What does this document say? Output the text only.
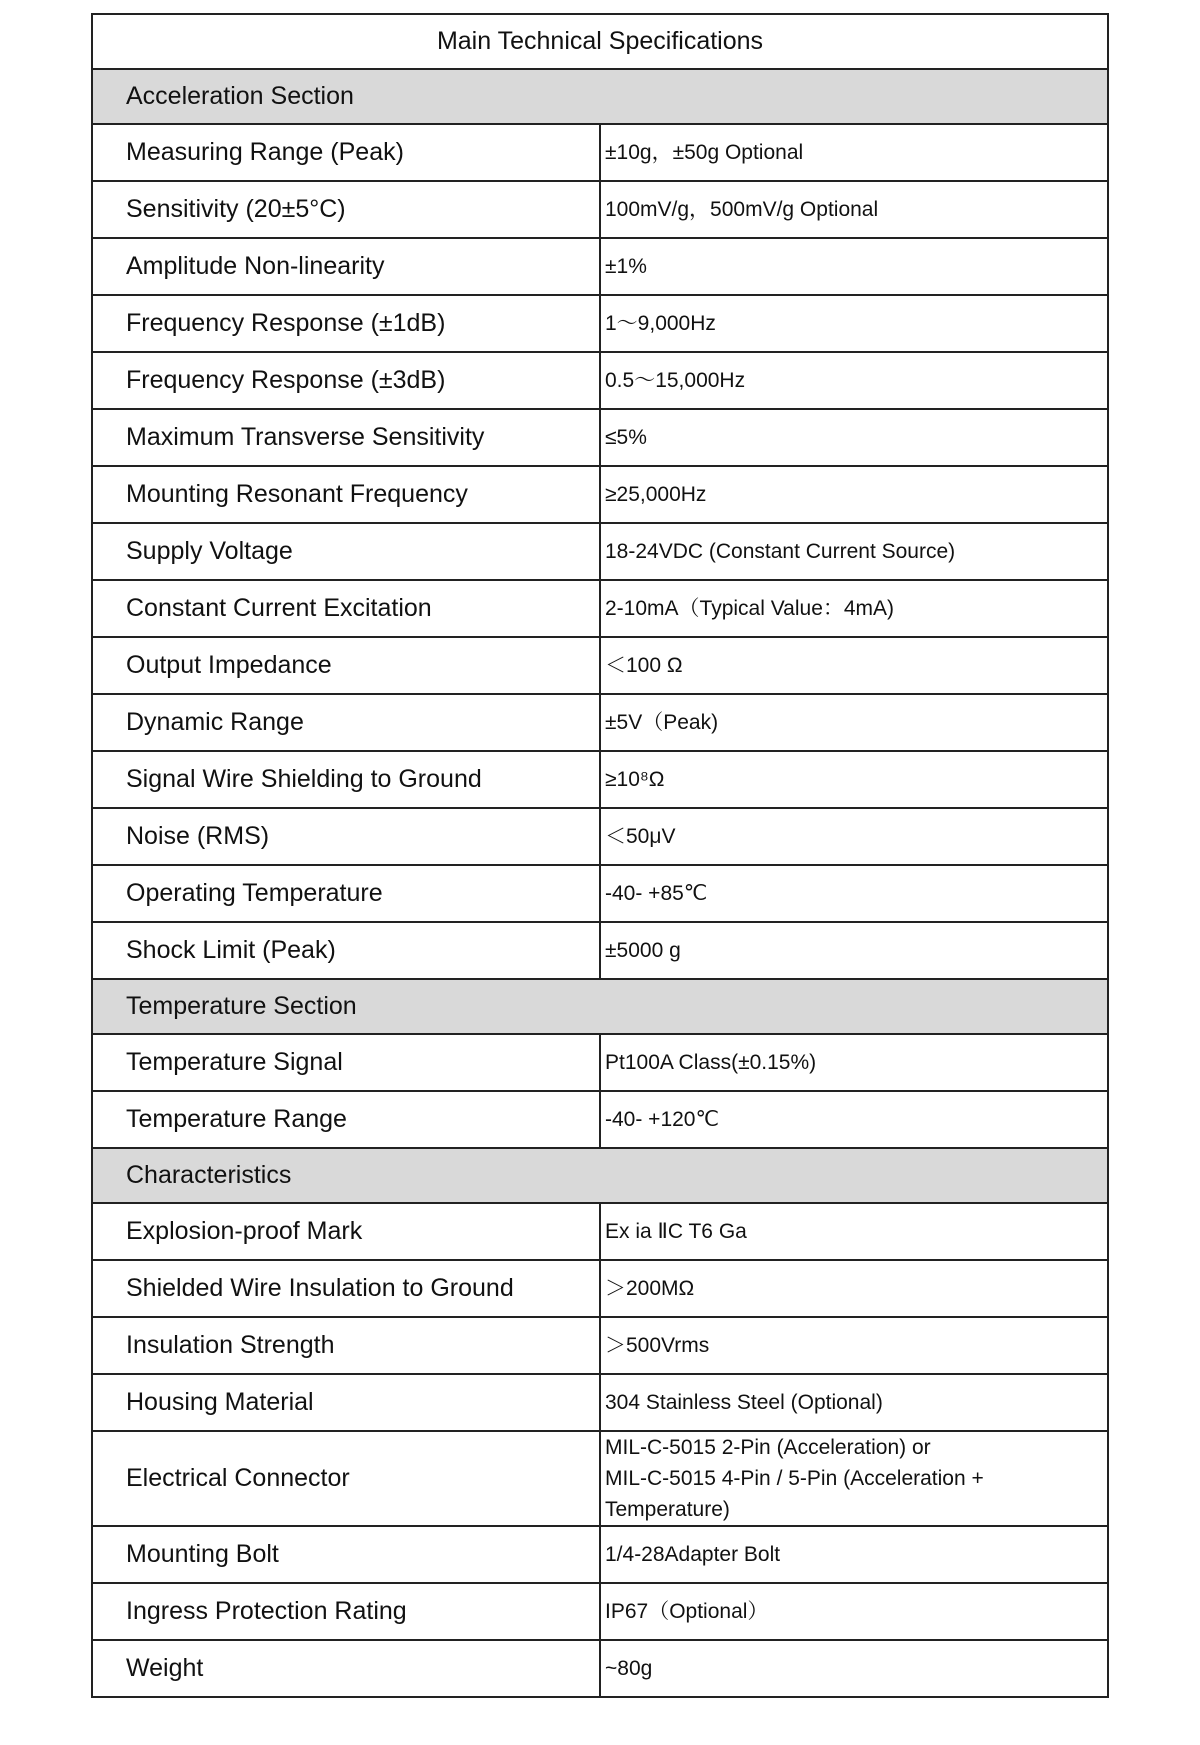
Main Technical Specifications	
Acceleration Section	
Measuring Range (Peak)	±10g，±50g Optional

Sensitivity (20±5°C)	100mV/g，500mV/g Optional

Amplitude Non-linearity	±1%

Frequency Response (±1dB)	1～9,000Hz

Frequency Response (±3dB)	0.5～15,000Hz

Maximum Transverse Sensitivity	≤5%

Mounting Resonant Frequency	≥25,000Hz

Supply Voltage	18-24VDC (Constant Current Source)

Constant Current Excitation	2-10mA（Typical Value：4mA)

Output Impedance	＜100 Ω

Dynamic Range	±5V（Peak)

Signal Wire Shielding to Ground	≥10⁸Ω

Noise (RMS)	＜50μV

Operating Temperature	-40- +85℃

Shock Limit (Peak)	±5000 g

Temperature Section	
Temperature Signal	Pt100A Class(±0.15%)

Temperature Range	-40- +120℃

Characteristics	
Explosion-proof Mark	Ex ia ⅡC T6 Ga

Shielded Wire Insulation to Ground	＞200MΩ

Insulation Strength	＞500Vrms

Housing Material	304 Stainless Steel (Optional)

Electrical Connector	MIL-C-5015 2-Pin (Acceleration) or
MIL-C-5015 4-Pin / 5-Pin (Acceleration + Temperature)

Mounting Bolt	1/4-28Adapter Bolt

Ingress Protection Rating	IP67（Optional）

Weight	~80g
